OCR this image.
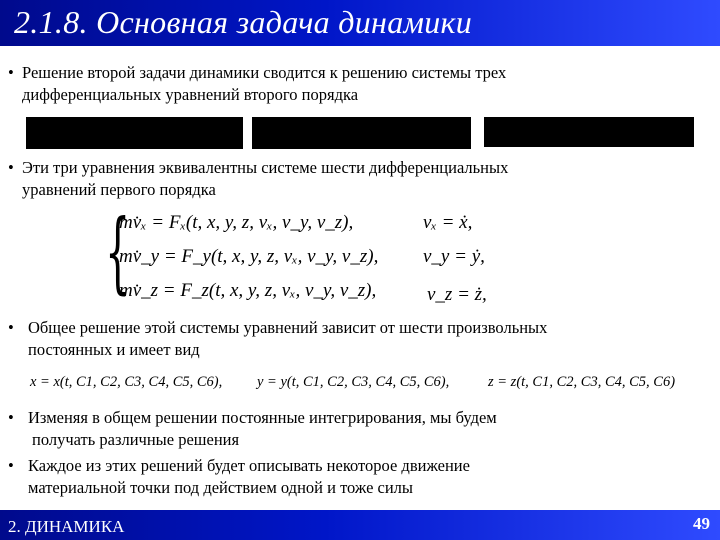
2.1.8. Основная задача динамики
• Решение второй задачи динамики сводится к решению системы трех
дифференциальных уравнений второго порядка
• Эти три уравнения эквивалентны системе шести дифференциальных
уравнений первого порядка
{
mv̇ₓ = Fₓ(t, x, y, z, vₓ, v_y, v_z),
mv̇_y = F_y(t, x, y, z, vₓ, v_y, v_z),
mv̇_z = F_z(t, x, y, z, vₓ, v_y, v_z),
vₓ = ẋ,
v_y = ẏ,
v_z = ż,
• Общее решение этой системы уравнений зависит от шести произвольных
постоянных и имеет вид
x = x(t, C1, C2, C3, C4, C5, C6), y = y(t, C1, C2, C3, C4, C5, C6),	z = z(t, C1, C2, C3, C4, C5, C6)
• Изменяя в общем решении постоянные интегрирования, мы будем
получать различные решения
• Каждое из этих решений будет описывать некоторое движение
материальной точки под действием одной и тоже силы
2. ДИНАМИКА	49
